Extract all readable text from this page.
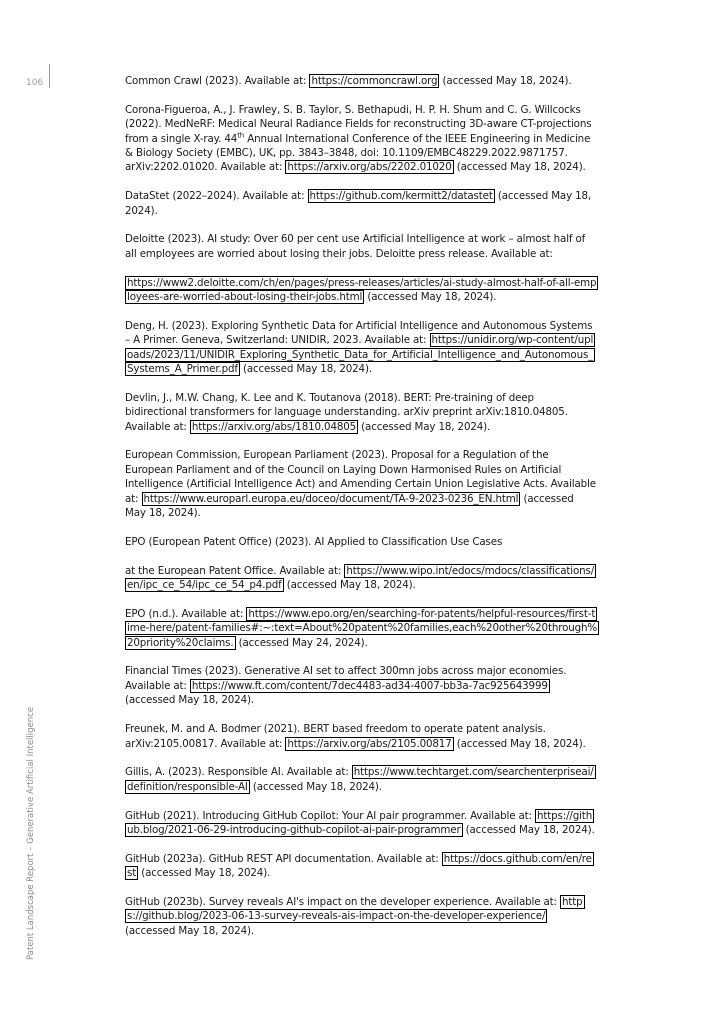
106
Patent Landscape Report – Generative Artificial Intelligence

Common Crawl (2023). Available at: https://commoncrawl.org (accessed May 18, 2024).

Corona-Figueroa, A., J. Frawley, S. B. Taylor, S. Bethapudi, H. P. H. Shum and C. G. Willcocks (2022). MedNeRF: Medical Neural Radiance Fields for reconstructing 3D-aware CT-projections from a single X-ray. 44th Annual International Conference of the IEEE Engineering in Medicine & Biology Society (EMBC), UK, pp. 3843–3848, doi: 10.1109/EMBC48229.2022.9871757. arXiv:2202.01020. Available at: https://arxiv.org/abs/2202.01020 (accessed May 18, 2024).

DataStet (2022–2024). Available at: https://github.com/kermitt2/datastet (accessed May 18, 2024).

Deloitte (2023). AI study: Over 60 per cent use Artificial Intelligence at work – almost half of all employees are worried about losing their jobs. Deloitte press release. Available at:

https://www2.deloitte.com/ch/en/pages/press-releases/articles/ai-study-almost-half-of-all-employees-are-worried-about-losing-their-jobs.html (accessed May 18, 2024).

Deng, H. (2023). Exploring Synthetic Data for Artificial Intelligence and Autonomous Systems – A Primer. Geneva, Switzerland: UNIDIR, 2023. Available at: https://unidir.org/wp-content/uploads/2023/11/UNIDIR_Exploring_Synthetic_Data_for_Artificial_Intelligence_and_Autonomous_Systems_A_Primer.pdf (accessed May 18, 2024).

Devlin, J., M.W. Chang, K. Lee and K. Toutanova (2018). BERT: Pre-training of deep bidirectional transformers for language understanding. arXiv preprint arXiv:1810.04805. Available at: https://arxiv.org/abs/1810.04805 (accessed May 18, 2024).

European Commission, European Parliament (2023). Proposal for a Regulation of the European Parliament and of the Council on Laying Down Harmonised Rules on Artificial Intelligence (Artificial Intelligence Act) and Amending Certain Union Legislative Acts. Available at: https://www.europarl.europa.eu/doceo/document/TA-9-2023-0236_EN.html (accessed May 18, 2024).

EPO (European Patent Office) (2023). AI Applied to Classification Use Cases

at the European Patent Office. Available at: https://www.wipo.int/edocs/mdocs/classifications/en/ipc_ce_54/ipc_ce_54_p4.pdf (accessed May 18, 2024).

EPO (n.d.). Available at: https://www.epo.org/en/searching-for-patents/helpful-resources/first-time-here/patent-families#:~:text=About%20patent%20families,each%20other%20through%20priority%20claims. (accessed May 24, 2024).

Financial Times (2023). Generative AI set to affect 300mn jobs across major economies. Available at: https://www.ft.com/content/7dec4483-ad34-4007-bb3a-7ac925643999 (accessed May 18, 2024).

Freunek, M. and A. Bodmer (2021). BERT based freedom to operate patent analysis. arXiv:2105.00817. Available at: https://arxiv.org/abs/2105.00817 (accessed May 18, 2024).

Gillis, A. (2023). Responsible AI. Available at: https://www.techtarget.com/searchenterpriseai/definition/responsible-AI (accessed May 18, 2024).

GitHub (2021). Introducing GitHub Copilot: Your AI pair programmer. Available at: https://github.blog/2021-06-29-introducing-github-copilot-ai-pair-programmer (accessed May 18, 2024).

GitHub (2023a). GitHub REST API documentation. Available at: https://docs.github.com/en/rest (accessed May 18, 2024).

GitHub (2023b). Survey reveals AI's impact on the developer experience. Available at: https://github.blog/2023-06-13-survey-reveals-ais-impact-on-the-developer-experience/ (accessed May 18, 2024).
